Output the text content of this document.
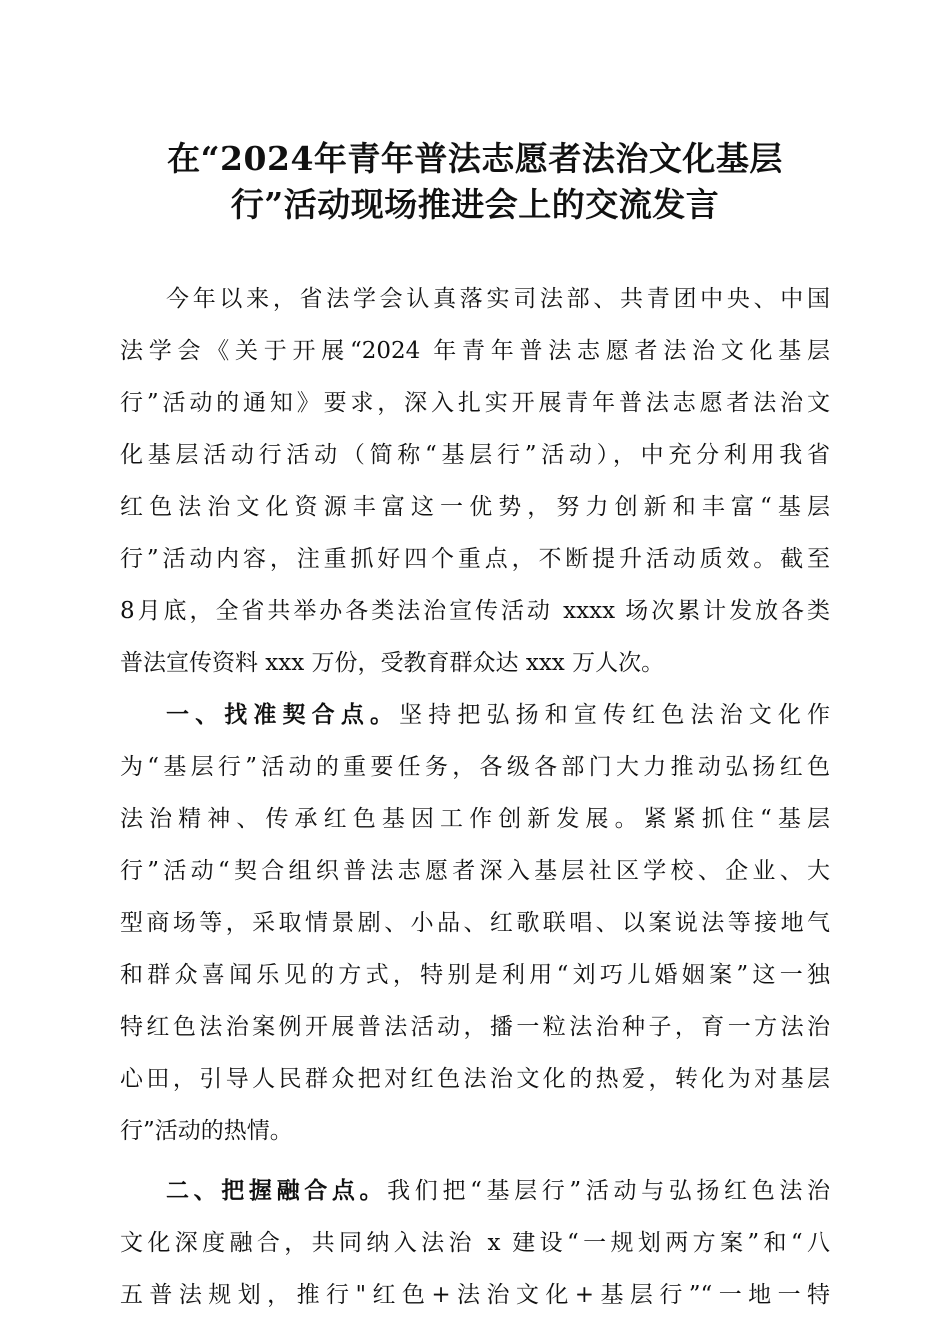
在“2024年青年普法志愿者法治文化基层
行”活动现场推进会上的交流发言
今年以来，省法学会认真落实司法部、共青团中央、中国
法学会《关于开展“2024 年青年普法志愿者法治文化基层
行”活动的通知》要求，深入扎实开展青年普法志愿者法治文
化基层活动行活动（简称“基层行”活动），中充分利用我省
红色法治文化资源丰富这一优势，努力创新和丰富“基层
行”活动内容，注重抓好四个重点，不断提升活动质效。截至
8月底，全省共举办各类法治宣传活动 xxxx 场次累计发放各类
普法宣传资料 xxx 万份，受教育群众达 xxx 万人次。
一、找准契合点。坚持把弘扬和宣传红色法治文化作
为“基层行”活动的重要任务，各级各部门大力推动弘扬红色
法治精神、传承红色基因工作创新发展。紧紧抓住“基层
行”活动“契合组织普法志愿者深入基层社区学校、企业、大
型商场等，采取情景剧、小品、红歌联唱、以案说法等接地气
和群众喜闻乐见的方式，特别是利用“刘巧儿婚姻案”这一独
特红色法治案例开展普法活动，播一粒法治种子，育一方法治
心田，引导人民群众把对红色法治文化的热爱，转化为对基层
行”活动的热情。
二、把握融合点。我们把“基层行”活动与弘扬红色法治
文化深度融合，共同纳入法治 x 建设“一规划两方案”和“八
五普法规划，推行"红色+法治文化+基层行”“一地一特
